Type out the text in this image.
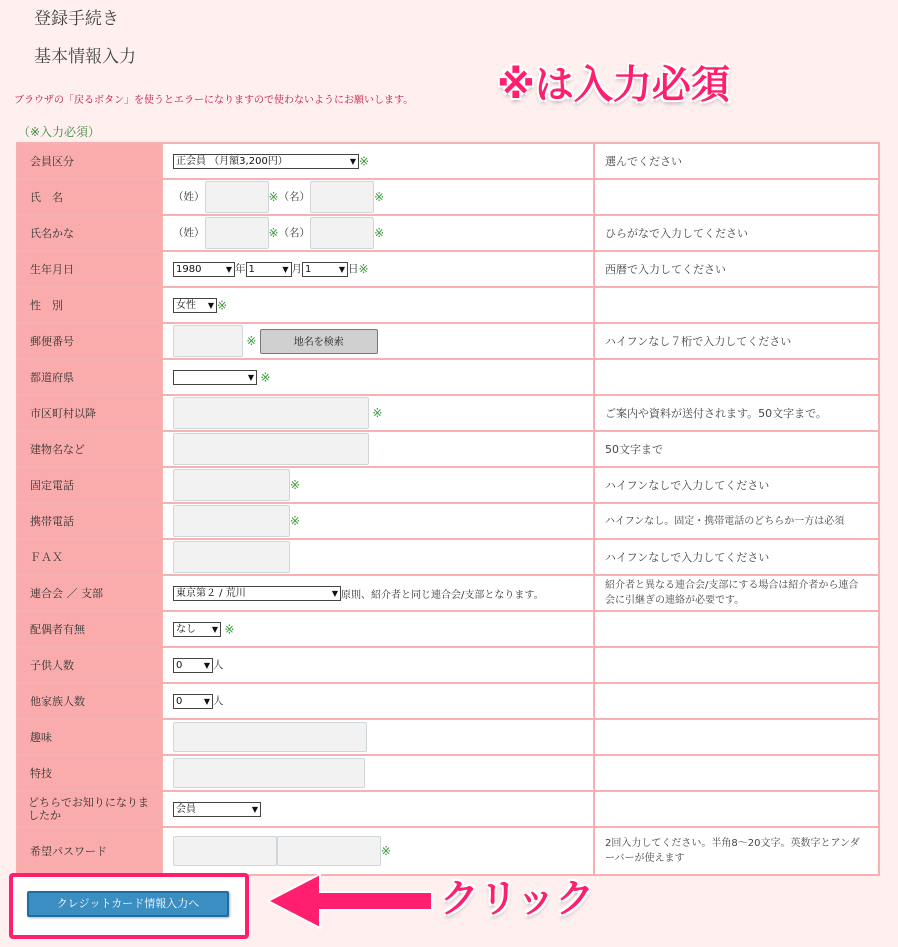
登録手続き
基本情報入力
ブラウザの「戻るボタン」を使うとエラーになりますので使わないようにお願いします。
（※入力必須）
※は入力必須
会員区分	正会員 （月額3,200円） ▼ ※	選んでください
氏　名	（姓） ※（名） ※	
氏名かな	（姓） ※（名） ※	ひらがなで入力してください
生年月日	1980 ▼ 年 1 ▼ 月 1 ▼ 日※	西暦で入力してください
性　別	女性 ▼ ※	
郵便番号	※ 地名を検索	ハイフンなし７桁で入力してください
都道府県	▼※	
市区町村以降	※	ご案内や資料が送付されます。50文字まで。
建物名など		50文字まで
固定電話	※	ハイフンなしで入力してください
携帯電話	※	ハイフンなし。固定・携帯電話のどちらか一方は必須
ＦＡＸ		ハイフンなしで入力してください
連合会 ／ 支部	東京第２ / 荒川 ▼ 原則、紹介者と同じ連合会/支部となります。	紹介者と異なる連合会/支部にする場合は紹介者から連合会に引継ぎの連絡が必要です。
配偶者有無	なし ▼ ※	
子供人数	0 ▼ 人	
他家族人数	0 ▼ 人	
趣味		
特技		
どちらでお知りになりましたか	会員 ▼	
希望パスワード	※	2回入力してください。半角8～20文字。英数字とアンダーバーが使えます
クレジットカード情報入力へ	クリック
